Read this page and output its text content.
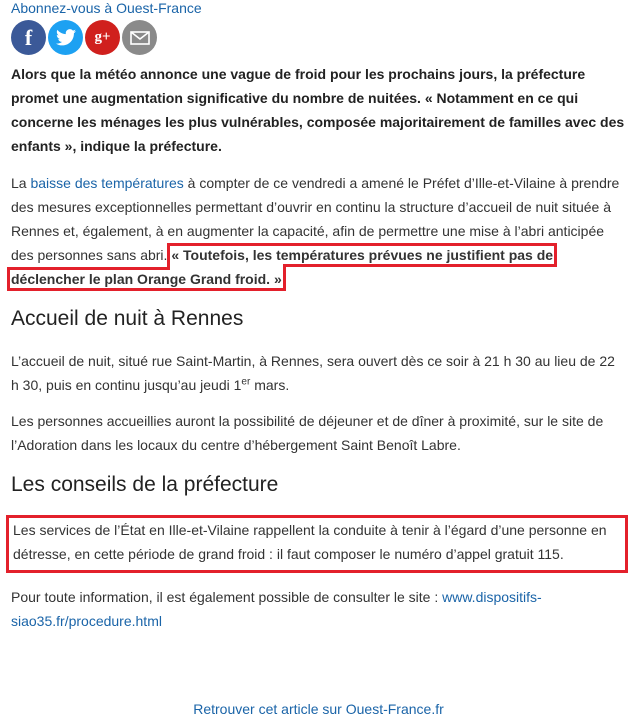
Abonnez-vous à Ouest-France
f	g+

Alors que la météo annonce une vague de froid pour les prochains jours, la préfecture promet une augmentation significative du nombre de nuitées. « Notamment en ce qui concerne les ménages les plus vulnérables, composée majoritairement de familles avec des enfants », indique la préfecture.

La baisse des températures à compter de ce vendredi a amené le Préfet d’Ille-et-Vilaine à prendre des mesures exceptionnelles permettant d’ouvrir en continu la structure d’accueil de nuit située à Rennes et, également, à en augmenter la capacité, afin de permettre une mise à l’abri anticipée des personnes sans abri. « Toutefois, les températures prévues ne justifient pas de déclencher le plan Orange Grand froid. »

Accueil de nuit à Rennes

L’accueil de nuit, situé rue Saint-Martin, à Rennes, sera ouvert dès ce soir à 21 h 30 au lieu de 22 h 30, puis en continu jusqu’au jeudi 1er mars.

Les personnes accueillies auront la possibilité de déjeuner et de dîner à proximité, sur le site de l’Adoration dans les locaux du centre d’hébergement Saint Benoît Labre.

Les conseils de la préfecture

Les services de l’État en Ille-et-Vilaine rappellent la conduite à tenir à l’égard d’une personne en détresse, en cette période de grand froid : il faut composer le numéro d’appel gratuit 115.

Pour toute information, il est également possible de consulter le site : www.dispositifs-siao35.fr/procedure.html

Retrouver cet article sur Ouest-France.fr
